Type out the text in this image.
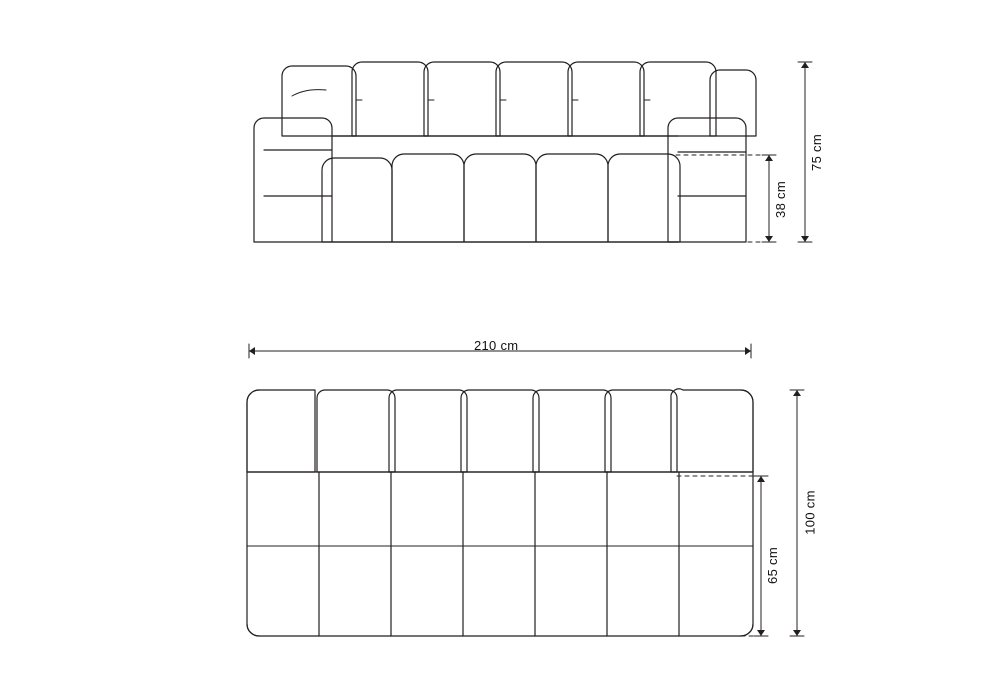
75 cm
38 cm
210 cm
100 cm
65 cm
